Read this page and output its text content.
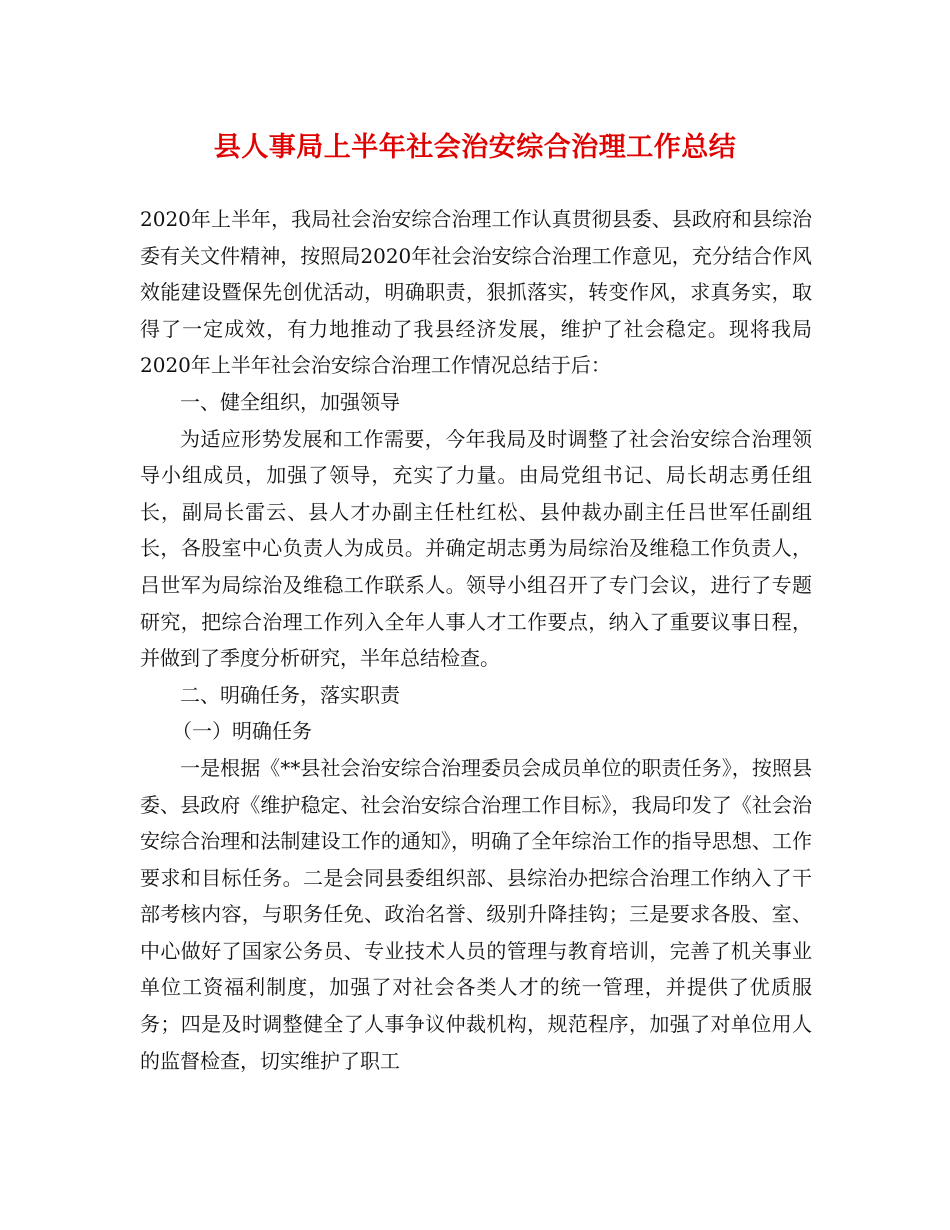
县人事局上半年社会治安综合治理工作总结

2020年上半年，我局社会治安综合治理工作认真贯彻县委、县政府和县综治委有关文件精神，按照局2020年社会治安综合治理工作意见，充分结合作风效能建设暨保先创优活动，明确职责，狠抓落实，转变作风，求真务实，取得了一定成效，有力地推动了我县经济发展，维护了社会稳定。现将我局2020年上半年社会治安综合治理工作情况总结于后：

一、健全组织，加强领导

为适应形势发展和工作需要，今年我局及时调整了社会治安综合治理领导小组成员，加强了领导，充实了力量。由局党组书记、局长胡志勇任组长，副局长雷云、县人才办副主任杜红松、县仲裁办副主任吕世军任副组长，各股室中心负责人为成员。并确定胡志勇为局综治及维稳工作负责人，吕世军为局综治及维稳工作联系人。领导小组召开了专门会议，进行了专题研究，把综合治理工作列入全年人事人才工作要点，纳入了重要议事日程，并做到了季度分析研究，半年总结检查。

二、明确任务，落实职责

（一）明确任务

一是根据《**县社会治安综合治理委员会成员单位的职责任务》，按照县委、县政府《维护稳定、社会治安综合治理工作目标》，我局印发了《社会治安综合治理和法制建设工作的通知》，明确了全年综治工作的指导思想、工作要求和目标任务。二是会同县委组织部、县综治办把综合治理工作纳入了干部考核内容，与职务任免、政治名誉、级别升降挂钩；三是要求各股、室、中心做好了国家公务员、专业技术人员的管理与教育培训，完善了机关事业单位工资福利制度，加强了对社会各类人才的统一管理，并提供了优质服务；四是及时调整健全了人事争议仲裁机构，规范程序，加强了对单位用人的监督检查，切实维护了职工
